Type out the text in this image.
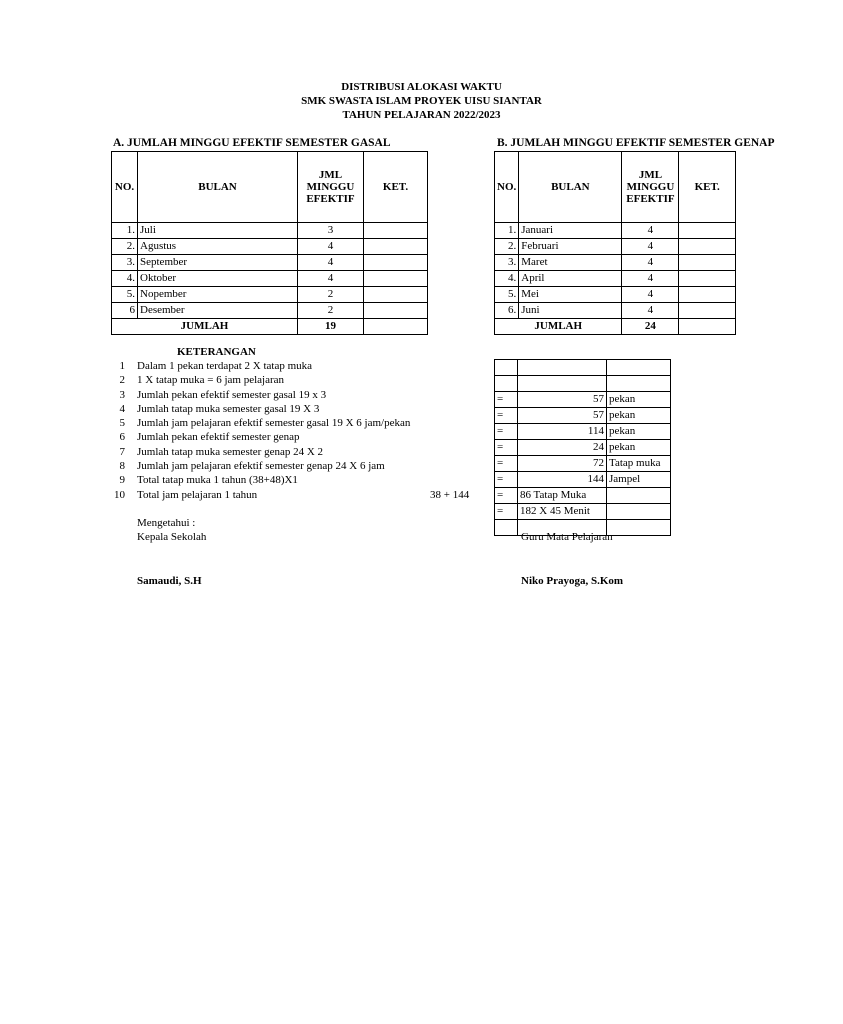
DISTRIBUSI ALOKASI WAKTU
SMK SWASTA ISLAM PROYEK UISU SIANTAR
TAHUN PELAJARAN 2022/2023
A. JUMLAH MINGGU EFEKTIF SEMESTER GASAL
NO.	BULAN	JML MINGGU EFEKTIF	KET.
1.	Juli	3	
2.	Agustus	4	
3.	September	4	
4.	Oktober	4	
5.	Nopember	2	
6	Desember	2	
JUMLAH		19	
B. JUMLAH MINGGU EFEKTIF SEMESTER GENAP
NO.	BULAN	JML MINGGU EFEKTIF	KET.
1.	Januari	4	
2.	Februari	4	
3.	Maret	4	
4.	April	4	
5.	Mei	4	
6.	Juni	4	
JUMLAH		24	
KETERANGAN
1 Dalam 1 pekan terdapat 2 X tatap muka
2 1 X tatap muka = 6 jam pelajaran
3 Jumlah pekan efektif semester gasal 19 x 3
4 Jumlah tatap muka semester gasal 19 X 3
5 Jumlah jam pelajaran efektif semester gasal 19 X 6 jam/pekan
6 Jumlah pekan efektif semester genap
7 Jumlah tatap muka semester genap 24 X 2
8 Jumlah jam pelajaran efektif semester genap 24 X 6 jam
9 Total tatap muka 1 tahun (38+48)X1
10 Total jam pelajaran 1 tahun	38 + 144

=	57	pekan
=	57	pekan
=	114	pekan
=	24	pekan
=	72	Tatap muka
=	144	Jampel
=	86 Tatap Muka	
=	182 X 45 Menit	

Mengetahui :
Kepala Sekolah
Samaudi, S.H
Guru Mata Pelajaran
Niko Prayoga, S.Kom
